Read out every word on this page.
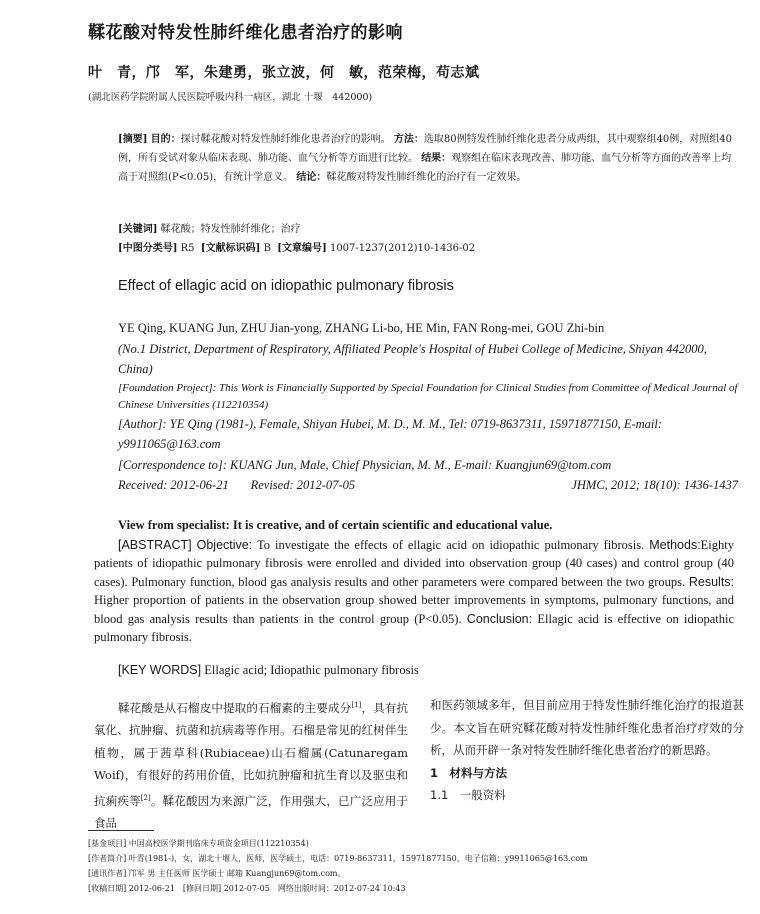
鞣花酸对特发性肺纤维化患者治疗的影响
叶　青，邝　军，朱建勇，张立波，何　敏，范荣梅，苟志斌
(湖北医药学院附属人民医院呼吸内科一病区，湖北 十堰　442000)
[摘要] 目的：探讨鞣花酸对特发性肺纤维化患者治疗的影响。 方法：选取80例特发性肺纤维化患者分成两组，其中观察组40例，对照组40例，所有受试对象从临床表现、肺功能、血气分析等方面进行比较。 结果：观察组在临床表现改善、肺功能、血气分析等方面的改善率上均高于对照组(P<0.05)，有统计学意义。 结论：鞣花酸对特发性肺纤维化的治疗有一定效果。
[关键词] 鞣花酸；特发性肺纤维化；治疗
[中图分类号] R5 [文献标识码] B [文章编号] 1007-1237(2012)10-1436-02
Effect of ellagic acid on idiopathic pulmonary fibrosis
YE Qing, KUANG Jun, ZHU Jian-yong, ZHANG Li-bo, HE Min, FAN Rong-mei, GOU Zhi-bin
(No.1 District, Department of Respiratory, Affiliated People's Hospital of Hubei College of Medicine, Shiyan 442000, China)
[Foundation Project]: This Work is Financially Supported by Special Foundation for Clinical Studies from Committee of Medical Journal of Chinese Universities (112210354)
[Author]: YE Qing (1981-), Female, Shiyan Hubei, M. D., M. M., Tel: 0719-8637311, 15971877150, E-mail: y9911065@163.com
[Correspondence to]: KUANG Jun, Male, Chief Physician, M. M., E-mail: Kuangjun69@tom.com
Received: 2012-06-21 Revised: 2012-07-05	JHMC, 2012; 18(10): 1436-1437
View from specialist: It is creative, and of certain scientific and educational value.
[ABSTRACT] Objective: To investigate the effects of ellagic acid on idiopathic pulmonary fibrosis. Methods:Eighty patients of idiopathic pulmonary fibrosis were enrolled and divided into observation group (40 cases) and control group (40 cases). Pulmonary function, blood gas analysis results and other parameters were compared between the two groups. Results: Higher proportion of patients in the observation group showed better improvements in symptoms, pulmonary functions, and blood gas analysis results than patients in the control group (P<0.05). Conclusion: Ellagic acid is effective on idiopathic pulmonary fibrosis.
[KEY WORDS] Ellagic acid; Idiopathic pulmonary fibrosis
鞣花酸是从石榴皮中提取的石榴素的主要成分[1]，具有抗氧化、抗肿瘤、抗菌和抗病毒等作用。石榴是常见的红树伴生植物，属于茜草科(Rubiaceae)山石榴属(Catunaregam Woif)，有很好的药用价值，比如抗肿瘤和抗生育以及驱虫和抗痢疾等[2]。鞣花酸因为来源广泛，作用强大，已广泛应用于食品
和医药领域多年，但目前应用于特发性肺纤维化治疗的报道甚少。本文旨在研究鞣花酸对特发性肺纤维化患者治疗疗效的分析，从而开辟一条对特发性肺纤维化患者治疗的新思路。
1　材料与方法
1.1　一般资料
[基金项目] 中国高校医学期刊临床专项资金项目(112210354)
[作者简介] 叶青(1981-)，女，湖北十堰人，医师，医学硕士，电话：0719-8637311，15971877150，电子信箱：y9911065@163.com
[通讯作者] 邝军 男 主任医师 医学硕士 邮箱 Kuangjun69@tom.com。
[收稿日期] 2012-06-21　[修回日期] 2012-07-05　网络出版时间：2012-07-24 10:43
